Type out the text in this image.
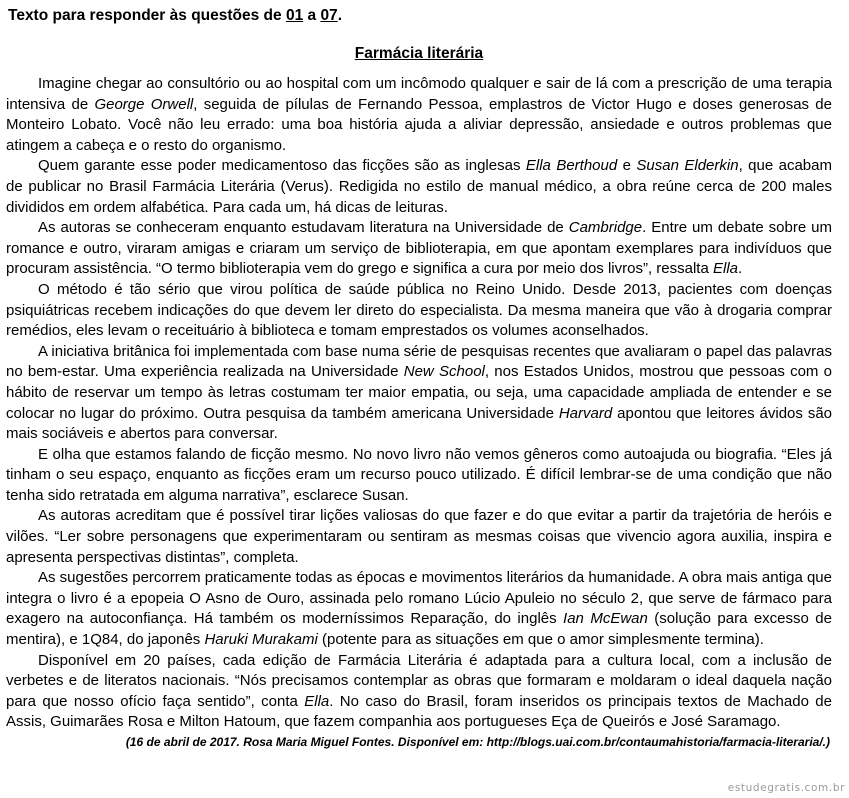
Texto para responder às questões de 01 a 07.
Farmácia literária

Imagine chegar ao consultório ou ao hospital com um incômodo qualquer e sair de lá com a prescrição de uma terapia intensiva de George Orwell, seguida de pílulas de Fernando Pessoa, emplastros de Victor Hugo e doses generosas de Monteiro Lobato. Você não leu errado: uma boa história ajuda a aliviar depressão, ansiedade e outros problemas que atingem a cabeça e o resto do organismo.

Quem garante esse poder medicamentoso das ficções são as inglesas Ella Berthoud e Susan Elderkin, que acabam de publicar no Brasil Farmácia Literária (Verus). Redigida no estilo de manual médico, a obra reúne cerca de 200 males divididos em ordem alfabética. Para cada um, há dicas de leituras.

As autoras se conheceram enquanto estudavam literatura na Universidade de Cambridge. Entre um debate sobre um romance e outro, viraram amigas e criaram um serviço de biblioterapia, em que apontam exemplares para indivíduos que procuram assistência. “O termo biblioterapia vem do grego e significa a cura por meio dos livros”, ressalta Ella.

O método é tão sério que virou política de saúde pública no Reino Unido. Desde 2013, pacientes com doenças psiquiátricas recebem indicações do que devem ler direto do especialista. Da mesma maneira que vão à drogaria comprar remédios, eles levam o receituário à biblioteca e tomam emprestados os volumes aconselhados.

A iniciativa britânica foi implementada com base numa série de pesquisas recentes que avaliaram o papel das palavras no bem-estar. Uma experiência realizada na Universidade New School, nos Estados Unidos, mostrou que pessoas com o hábito de reservar um tempo às letras costumam ter maior empatia, ou seja, uma capacidade ampliada de entender e se colocar no lugar do próximo. Outra pesquisa da também americana Universidade Harvard apontou que leitores ávidos são mais sociáveis e abertos para conversar.

E olha que estamos falando de ficção mesmo. No novo livro não vemos gêneros como autoajuda ou biografia. “Eles já tinham o seu espaço, enquanto as ficções eram um recurso pouco utilizado. É difícil lembrar-se de uma condição que não tenha sido retratada em alguma narrativa”, esclarece Susan.

As autoras acreditam que é possível tirar lições valiosas do que fazer e do que evitar a partir da trajetória de heróis e vilões. “Ler sobre personagens que experimentaram ou sentiram as mesmas coisas que vivencio agora auxilia, inspira e apresenta perspectivas distintas”, completa.

As sugestões percorrem praticamente todas as épocas e movimentos literários da humanidade. A obra mais antiga que integra o livro é a epopeia O Asno de Ouro, assinada pelo romano Lúcio Apuleio no século 2, que serve de fármaco para exagero na autoconfiança. Há também os moderníssimos Reparação, do inglês Ian McEwan (solução para excesso de mentira), e 1Q84, do japonês Haruki Murakami (potente para as situações em que o amor simplesmente termina).

Disponível em 20 países, cada edição de Farmácia Literária é adaptada para a cultura local, com a inclusão de verbetes e de literatos nacionais. “Nós precisamos contemplar as obras que formaram e moldaram o ideal daquela nação para que nosso ofício faça sentido”, conta Ella. No caso do Brasil, foram inseridos os principais textos de Machado de Assis, Guimarães Rosa e Milton Hatoum, que fazem companhia aos portugueses Eça de Queirós e José Saramago.

(16 de abril de 2017. Rosa Maria Miguel Fontes. Disponível em: http://blogs.uai.com.br/contaumahistoria/farmacia-literaria/.)
estudegratis.com.br
